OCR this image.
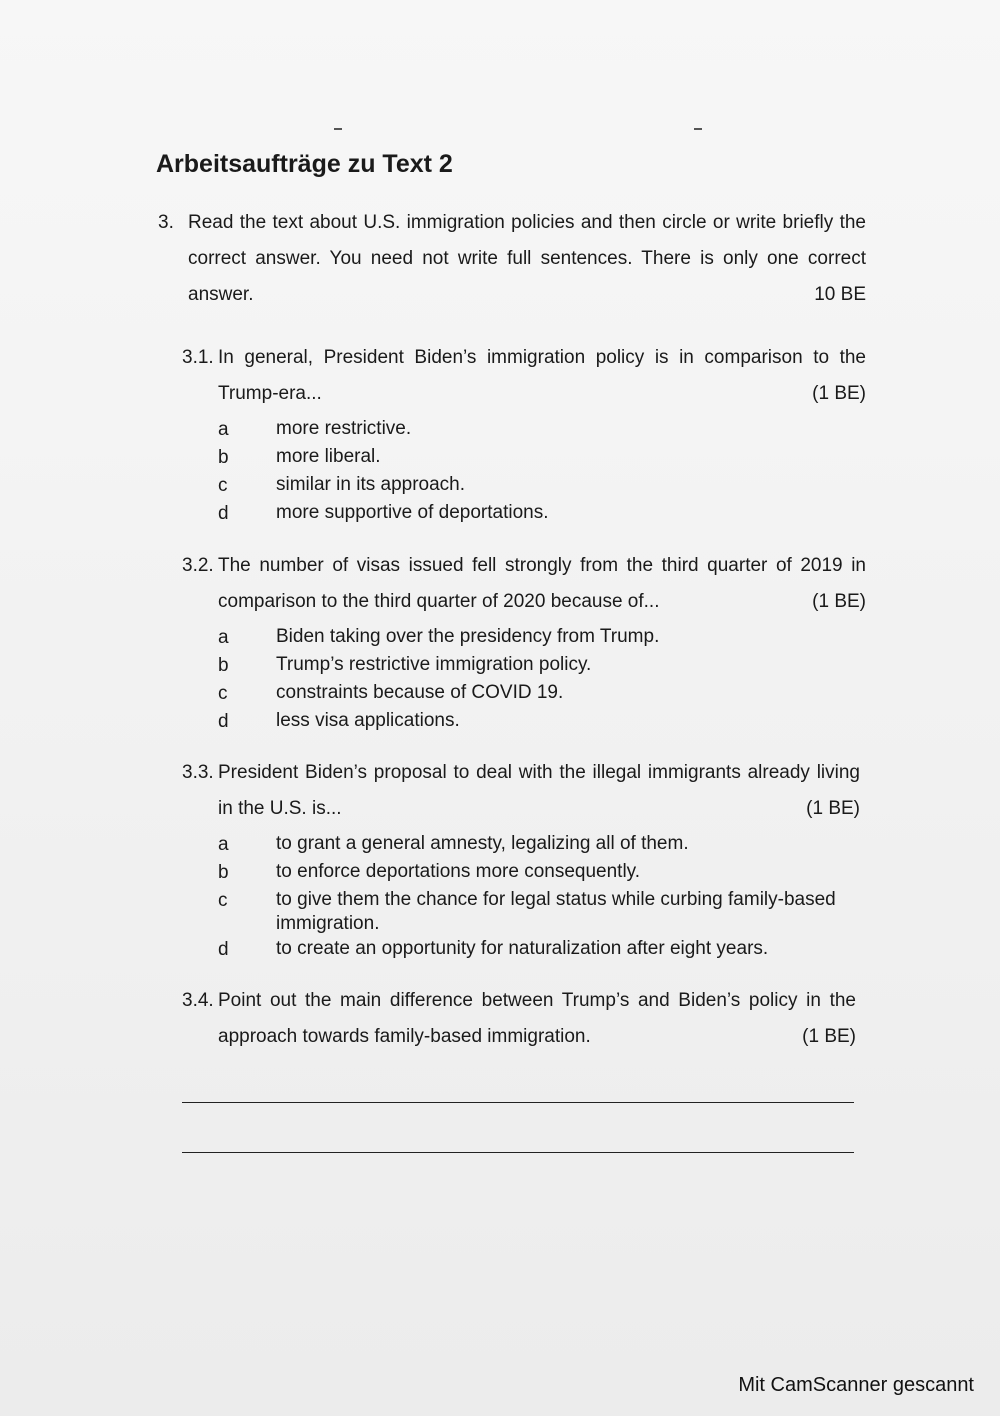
Arbeitsaufträge zu Text 2
3. Read the text about U.S. immigration policies and then circle or write briefly the correct answer. You need not write full sentences. There is only one correct answer.	10 BE
3.1. In general, President Biden’s immigration policy is in comparison to the Trump-era...	(1 BE)
a more restrictive.
b more liberal.
c	similar in its approach.
d more supportive of deportations.
3.2. The number of visas issued fell strongly from the third quarter of 2019 in comparison to the third quarter of 2020 because of...	(1 BE)
a Biden taking over the presidency from Trump.
b Trump’s restrictive immigration policy.
c	constraints because of COVID 19.
d less visa applications.
3.3. President Biden’s proposal to deal with the illegal immigrants already living in the U.S. is...	(1 BE)
a to grant a general amnesty, legalizing all of them.
b to enforce deportations more consequently.
c	to give them the chance for legal status while curbing family-based immigration.
d to create an opportunity for naturalization after eight years.
3.4. Point out the main difference between Trump’s and Biden’s policy in the approach towards family-based immigration.	(1 BE)
Mit CamScanner gescannt
